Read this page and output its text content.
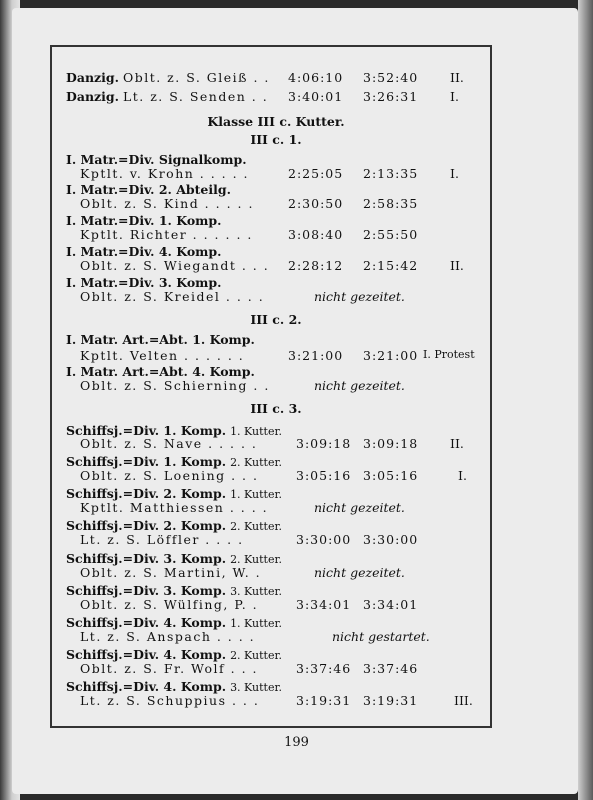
Danzig. Oblt. z. S. Gleiß . . 4:06:10 3:52:40	II.
Danzig. Lt. z. S. Senden . . 3:40:01 3:26:31	I.
Klasse III c. Kutter.
III c. 1.
I. Matr.=Div. Signalkomp.
Kptlt. v. Krohn . . . . .	2:25:05 2:13:35	I.
I. Matr.=Div. 2. Abteilg.
Oblt. z. S. Kind . . . . .	2:30:50 2:58:35
I. Matr.=Div. 1. Komp.
Kptlt. Richter . . . . . .	3:08:40 2:55:50
I. Matr.=Div. 4. Komp.
Oblt. z. S. Wiegandt . . . 2:28:12 2:15:42	II.
I. Matr.=Div. 3. Komp.
Oblt. z. S. Kreidel . . . .	nicht gezeitet.
III c. 2.
I. Matr. Art.=Abt. 1. Komp.
Kptlt. Velten . . . . . .	3:21:00 3:21:00 I. Protest
I. Matr. Art.=Abt. 4. Komp.
Oblt. z. S. Schierning . .	nicht gezeitet.
III c. 3.
Schiffsj.=Div. 1. Komp. 1. Kutter.
Oblt. z. S. Nave . . . . .	3:09:18 3:09:18	II.
Schiffsj.=Div. 1. Komp. 2. Kutter.
Oblt. z. S. Loening . . .	3:05:16 3:05:16	I.
Schiffsj.=Div. 2. Komp. 1. Kutter.
Kptlt. Matthiessen . . . .	nicht gezeitet.
Schiffsj.=Div. 2. Komp. 2. Kutter.
Lt. z. S. Löffler . . . .	3:30:00 3:30:00
Schiffsj.=Div. 3. Komp. 2. Kutter.
Oblt. z. S. Martini, W. .	nicht gezeitet.
Schiffsj.=Div. 3. Komp. 3. Kutter.
Oblt. z. S. Wülfing, P. .	3:34:01 3:34:01
Schiffsj.=Div. 4. Komp. 1. Kutter.
Lt. z. S. Anspach . . . .	nicht gestartet.
Schiffsj.=Div. 4. Komp. 2. Kutter.
Oblt. z. S. Fr. Wolf . . .	3:37:46 3:37:46
Schiffsj.=Div. 4. Komp. 3. Kutter.
Lt. z. S. Schuppius . . .	3:19:31 3:19:31	III.
199
